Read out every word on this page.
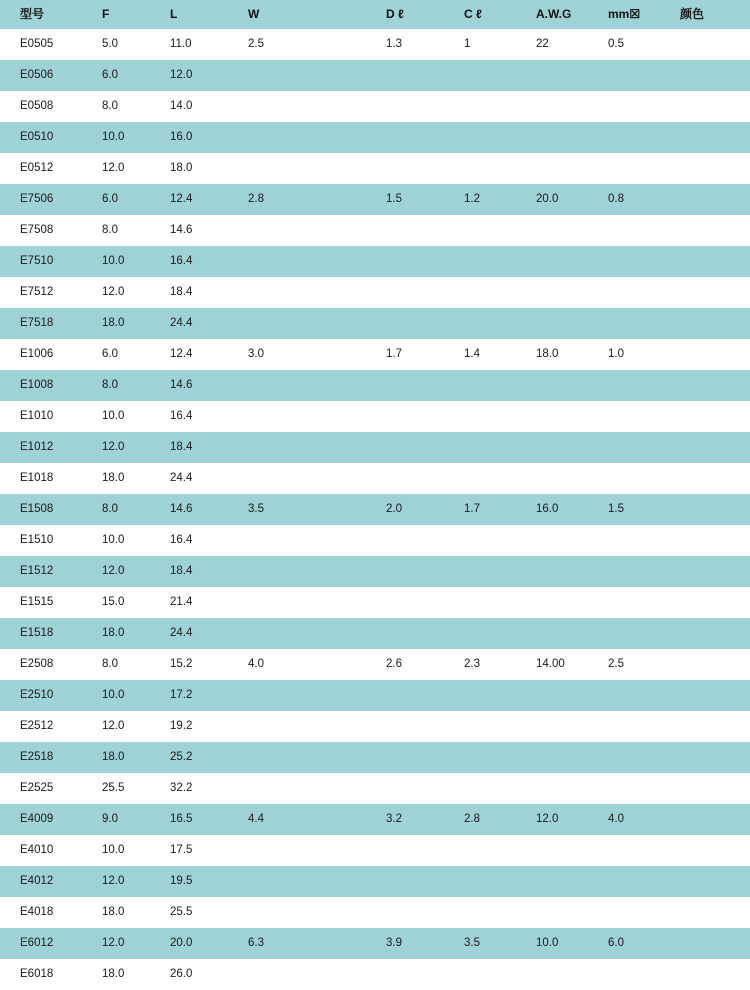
型号	F	L	W	D ℓ	C ℓ	A.W.G	mm☒	颜色
E0505	5.0	11.0	2.5	1.3	1	22	0.5	
E0506	6.0	12.0						
E0508	8.0	14.0						
E0510	10.0	16.0						
E0512	12.0	18.0						
E7506	6.0	12.4	2.8	1.5	1.2	20.0	0.8	
E7508	8.0	14.6						
E7510	10.0	16.4						
E7512	12.0	18.4						
E7518	18.0	24.4						
E1006	6.0	12.4	3.0	1.7	1.4	18.0	1.0	
E1008	8.0	14.6						
E1010	10.0	16.4						
E1012	12.0	18.4						
E1018	18.0	24.4						
E1508	8.0	14.6	3.5	2.0	1.7	16.0	1.5	
E1510	10.0	16.4						
E1512	12.0	18.4						
E1515	15.0	21.4						
E1518	18.0	24.4						
E2508	8.0	15.2	4.0	2.6	2.3	14.00	2.5	
E2510	10.0	17.2						
E2512	12.0	19.2						
E2518	18.0	25.2						
E2525	25.5	32.2						
E4009	9.0	16.5	4.4	3.2	2.8	12.0	4.0	
E4010	10.0	17.5						
E4012	12.0	19.5						
E4018	18.0	25.5						
E6012	12.0	20.0	6.3	3.9	3.5	10.0	6.0	
E6018	18.0	26.0						
